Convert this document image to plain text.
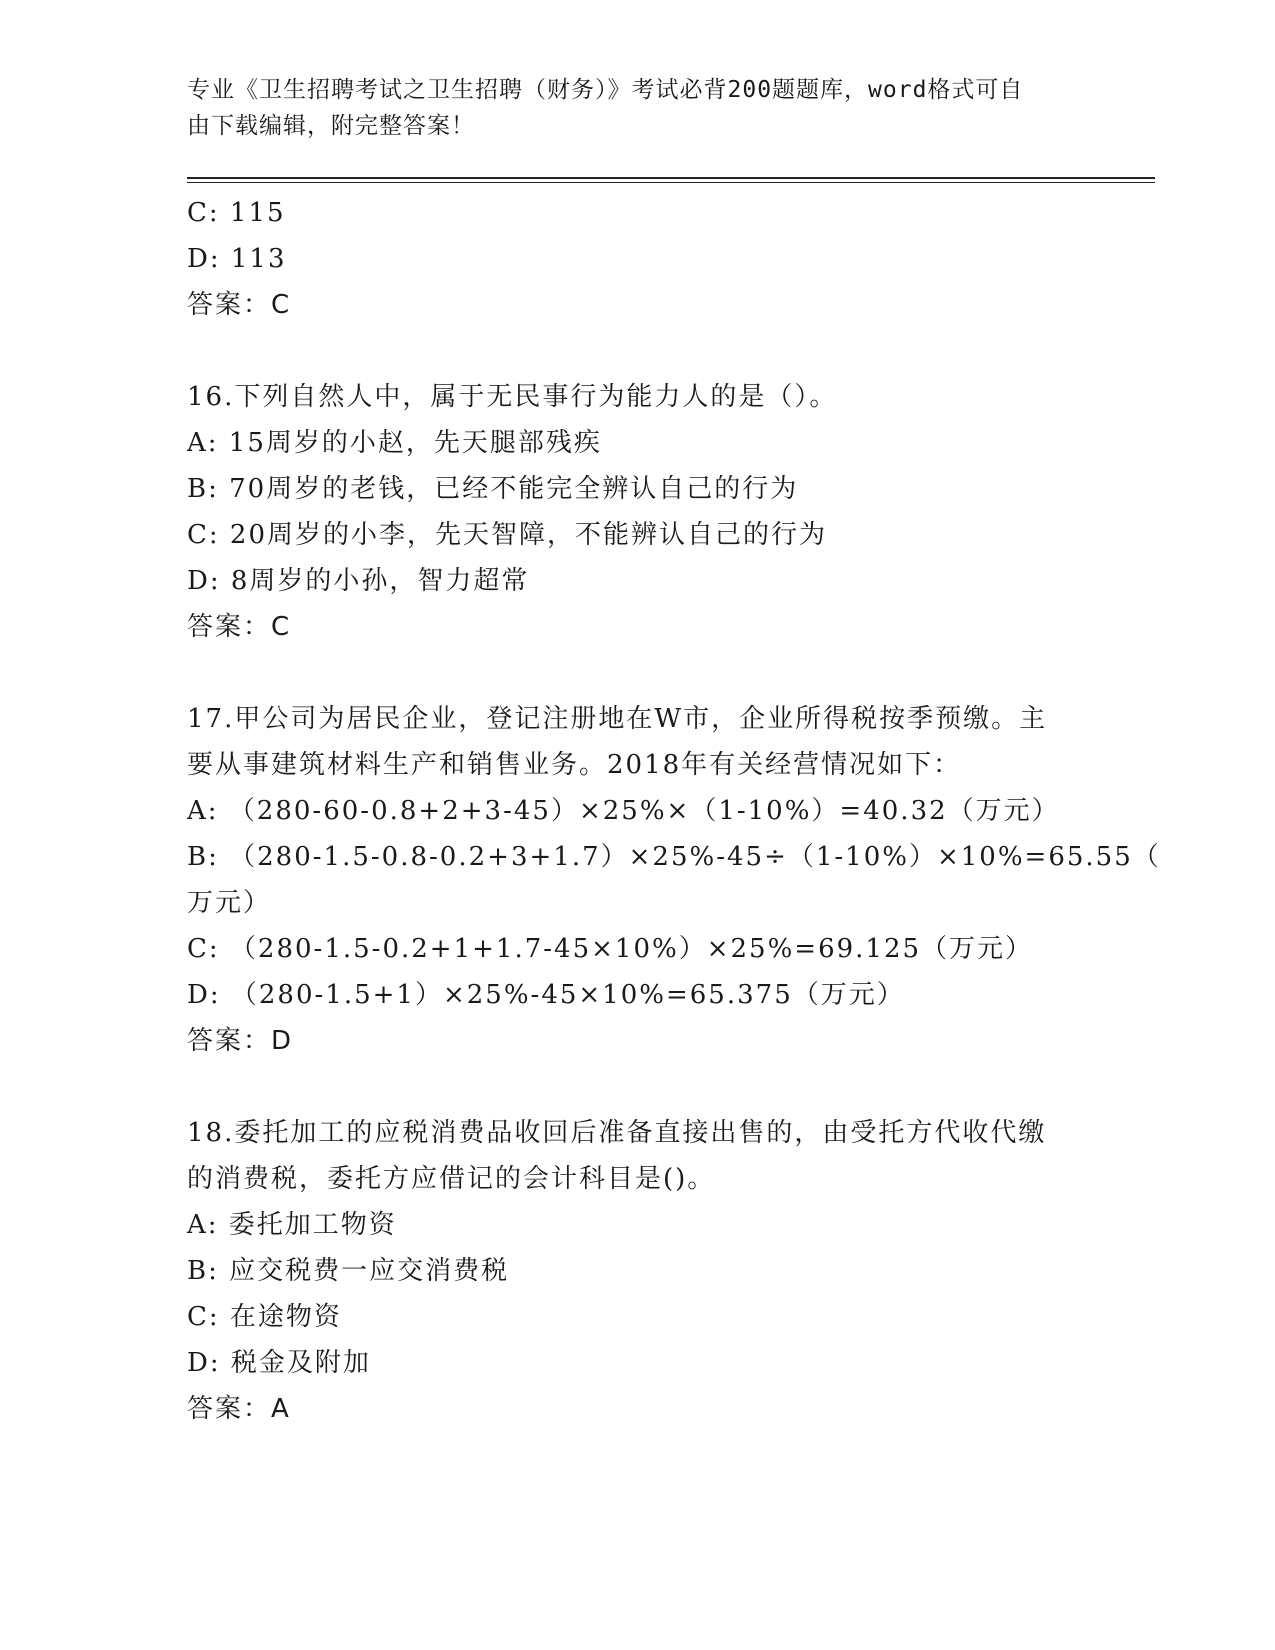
专业《卫生招聘考试之卫生招聘（财务）》考试必背200题题库，word格式可自
由下载编辑，附完整答案！
C: 115
D: 113
答案：C
16.下列自然人中，属于无民事行为能力人的是（）。
A: 15周岁的小赵，先天腿部残疾
B: 70周岁的老钱，已经不能完全辨认自己的行为
C: 20周岁的小李，先天智障，不能辨认自己的行为
D: 8周岁的小孙，智力超常
答案：C
17.甲公司为居民企业，登记注册地在W市，企业所得税按季预缴。主
要从事建筑材料生产和销售业务。2018年有关经营情况如下：
A: （280-60-0.8+2+3-45）×25%×（1-10%）=40.32（万元）
B: （280-1.5-0.8-0.2+3+1.7）×25%-45÷（1-10%）×10%=65.55（
万元）
C: （280-1.5-0.2+1+1.7-45×10%）×25%=69.125（万元）
D: （280-1.5+1）×25%-45×10%=65.375（万元）
答案：D
18.委托加工的应税消费品收回后准备直接出售的，由受托方代收代缴
的消费税，委托方应借记的会计科目是()。
A: 委托加工物资
B: 应交税费一应交消费税
C: 在途物资
D: 税金及附加
答案：A
